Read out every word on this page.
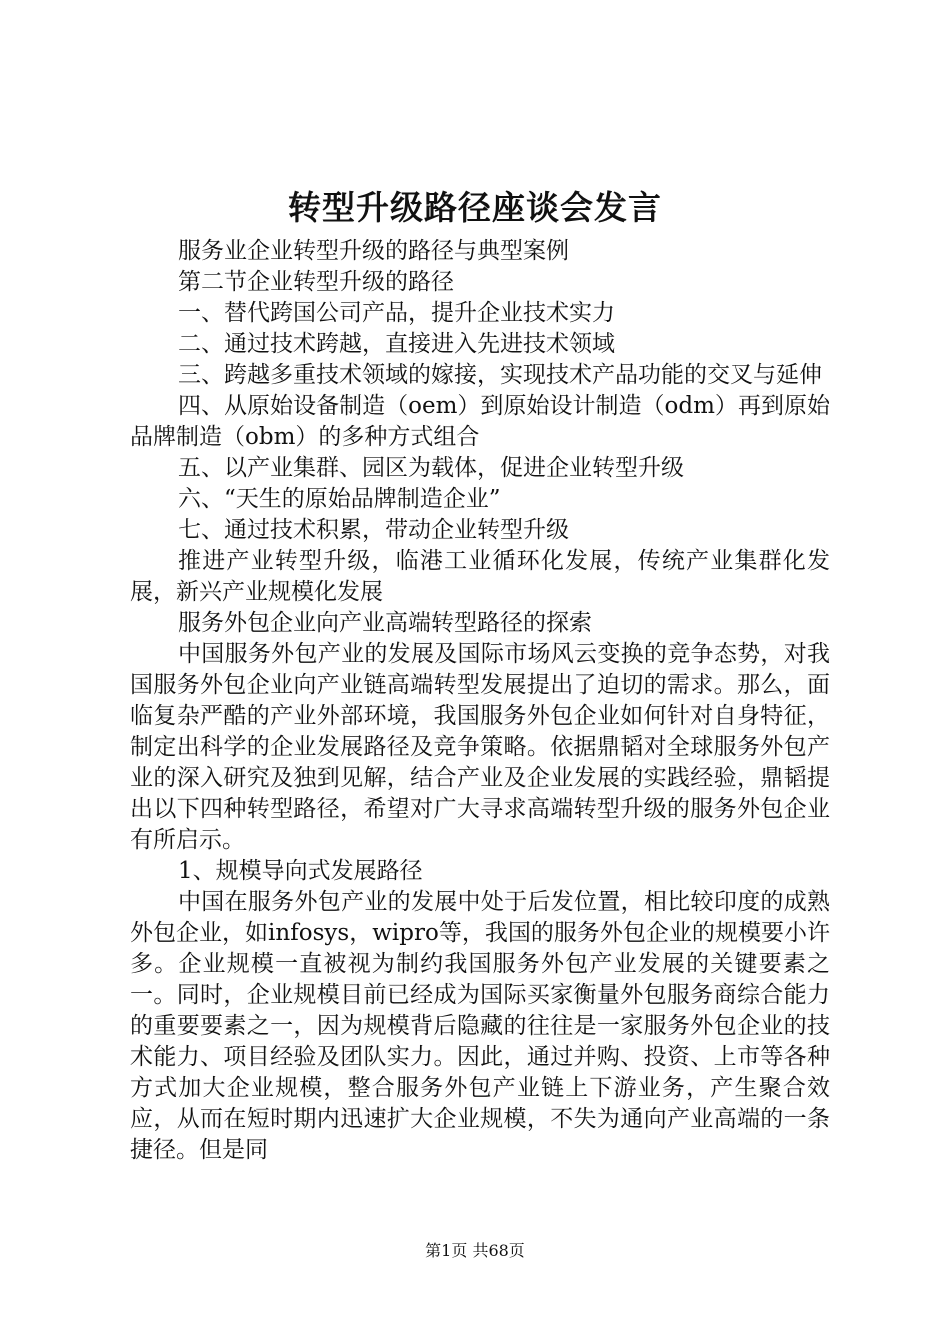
转型升级路径座谈会发言

服务业企业转型升级的路径与典型案例

第二节企业转型升级的路径

一、替代跨国公司产品，提升企业技术实力

二、通过技术跨越，直接进入先进技术领域

三、跨越多重技术领域的嫁接，实现技术产品功能的交叉与延伸

四、从原始设备制造（oem）到原始设计制造（odm）再到原始品牌制造（obm）的多种方式组合

五、以产业集群、园区为载体，促进企业转型升级

六、“天生的原始品牌制造企业”

七、通过技术积累，带动企业转型升级

推进产业转型升级，临港工业循环化发展，传统产业集群化发展，新兴产业规模化发展

服务外包企业向产业高端转型路径的探索

中国服务外包产业的发展及国际市场风云变换的竞争态势，对我国服务外包企业向产业链高端转型发展提出了迫切的需求。那么，面临复杂严酷的产业外部环境，我国服务外包企业如何针对自身特征，制定出科学的企业发展路径及竞争策略。依据鼎韬对全球服务外包产业的深入研究及独到见解，结合产业及企业发展的实践经验，鼎韬提出以下四种转型路径，希望对广大寻求高端转型升级的服务外包企业有所启示。

1、规模导向式发展路径

中国在服务外包产业的发展中处于后发位置，相比较印度的成熟外包企业，如infosys，wipro等，我国的服务外包企业的规模要小许多。企业规模一直被视为制约我国服务外包产业发展的关键要素之一。同时，企业规模目前已经成为国际买家衡量外包服务商综合能力的重要要素之一，因为规模背后隐藏的往往是一家服务外包企业的技术能力、项目经验及团队实力。因此，通过并购、投资、上市等各种方式加大企业规模，整合服务外包产业链上下游业务，产生聚合效应，从而在短时期内迅速扩大企业规模，不失为通向产业高端的一条捷径。但是同

第1页 共68页
